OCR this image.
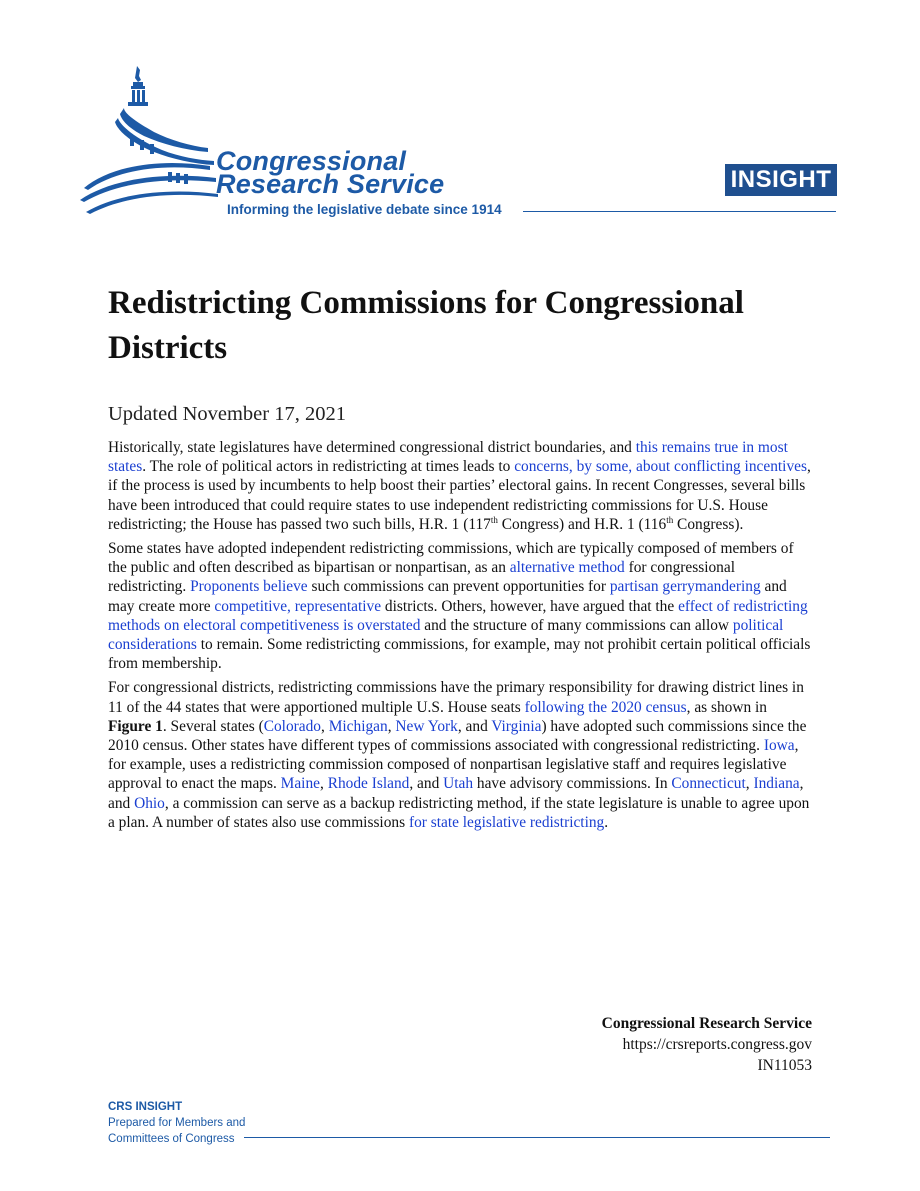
Congressional
Research Service
Informing the legislative debate since 1914
INSIGHT
Redistricting Commissions for Congressional Districts
Updated November 17, 2021

Historically, state legislatures have determined congressional district boundaries, and this remains true in most states. The role of political actors in redistricting at times leads to concerns, by some, about conflicting incentives, if the process is used by incumbents to help boost their parties’ electoral gains. In recent Congresses, several bills have been introduced that could require states to use independent redistricting commissions for U.S. House redistricting; the House has passed two such bills, H.R. 1 (117th Congress) and H.R. 1 (116th Congress).

Some states have adopted independent redistricting commissions, which are typically composed of members of the public and often described as bipartisan or nonpartisan, as an alternative method for congressional redistricting. Proponents believe such commissions can prevent opportunities for partisan gerrymandering and may create more competitive, representative districts. Others, however, have argued that the effect of redistricting methods on electoral competitiveness is overstated and the structure of many commissions can allow political considerations to remain. Some redistricting commissions, for example, may not prohibit certain political officials from membership.

For congressional districts, redistricting commissions have the primary responsibility for drawing district lines in 11 of the 44 states that were apportioned multiple U.S. House seats following the 2020 census, as shown in Figure 1. Several states (Colorado, Michigan, New York, and Virginia) have adopted such commissions since the 2010 census. Other states have different types of commissions associated with congressional redistricting. Iowa, for example, uses a redistricting commission composed of nonpartisan legislative staff and requires legislative approval to enact the maps. Maine, Rhode Island, and Utah have advisory commissions. In Connecticut, Indiana, and Ohio, a commission can serve as a backup redistricting method, if the state legislature is unable to agree upon a plan. A number of states also use commissions for state legislative redistricting.

Congressional Research Service
https://crsreports.congress.gov
IN11053
CRS INSIGHT
Prepared for Members and
Committees of Congress
